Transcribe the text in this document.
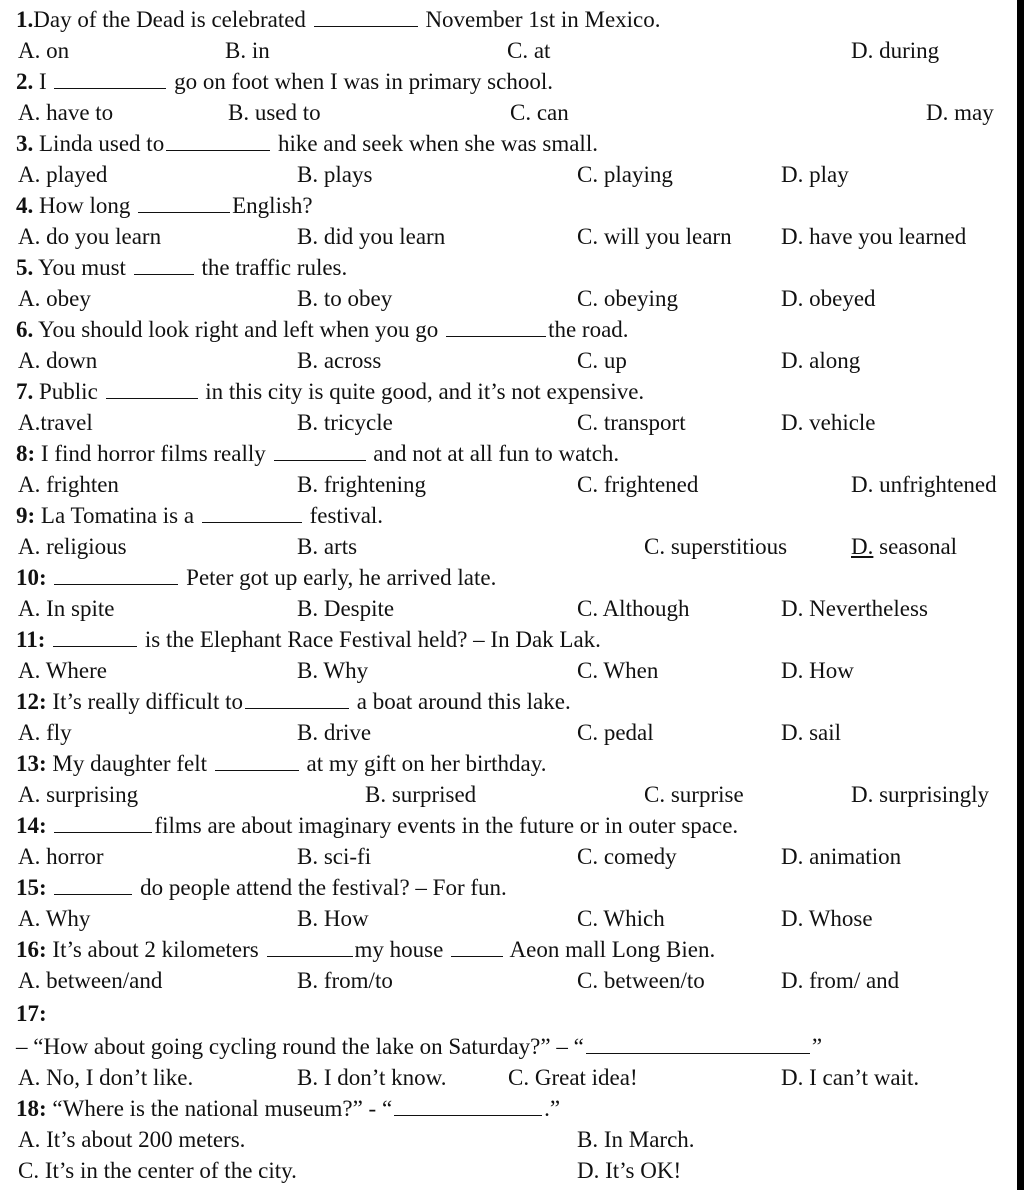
1.Day of the Dead is celebrated	November 1st in Mexico.
A. on	B. in	C. at	D. during
2. I	go on foot when I was in primary school.
A. have to	B. used to	C. can	D. may
3. Linda used to	hike and seek when she was small.
A. played	B. plays	C. playing	D. play
4. How long	English?
A. do you learn	B. did you learn	C. will you learn D. have you learned
5. You must	the traffic rules.
A. obey	B. to obey	C. obeying	D. obeyed
6. You should look right and left when you go	the road.
A. down	B. across	C. up	D. along
7. Public	in this city is quite good, and it’s not expensive.
A.travel	B. tricycle	C. transport	D. vehicle
8: I find horror films really	and not at all fun to watch.
A. frighten	B. frightening	C. frightened	D. unfrightened
9: La Tomatina is a	festival.
A. religious	B. arts	C. superstitious	D. seasonal
10:	Peter got up early, he arrived late.
A. In spite	B. Despite	C. Although	D. Nevertheless
11:	is the Elephant Race Festival held? – In Dak Lak.
A. Where	B. Why	C. When	D. How
12: It’s really difficult to	a boat around this lake.
A. fly	B. drive	C. pedal	D. sail
13: My daughter felt	at my gift on her birthday.
A. surprising	B. surprised	C. surprise	D. surprisingly
14:	films are about imaginary events in the future or in outer space.
A. horror	B. sci-fi	C. comedy	D. animation
15:	do people attend the festival? – For fun.
A. Why	B. How	C. Which	D. Whose
16: It’s about 2 kilometers	my house  Aeon mall Long Bien.
A. between/and	B. from/to	C. between/to	D. from/ and
17:
– “How about going cycling round the lake on Saturday?” – “	”
A. No, I don’t like.	B. I don’t know.	C. Great idea!	D. I can’t wait.
18: “Where is the national museum?” - “	.”
A. It’s about 200 meters.	B. In March.
C. It’s in the center of the city.	D. It’s OK!
